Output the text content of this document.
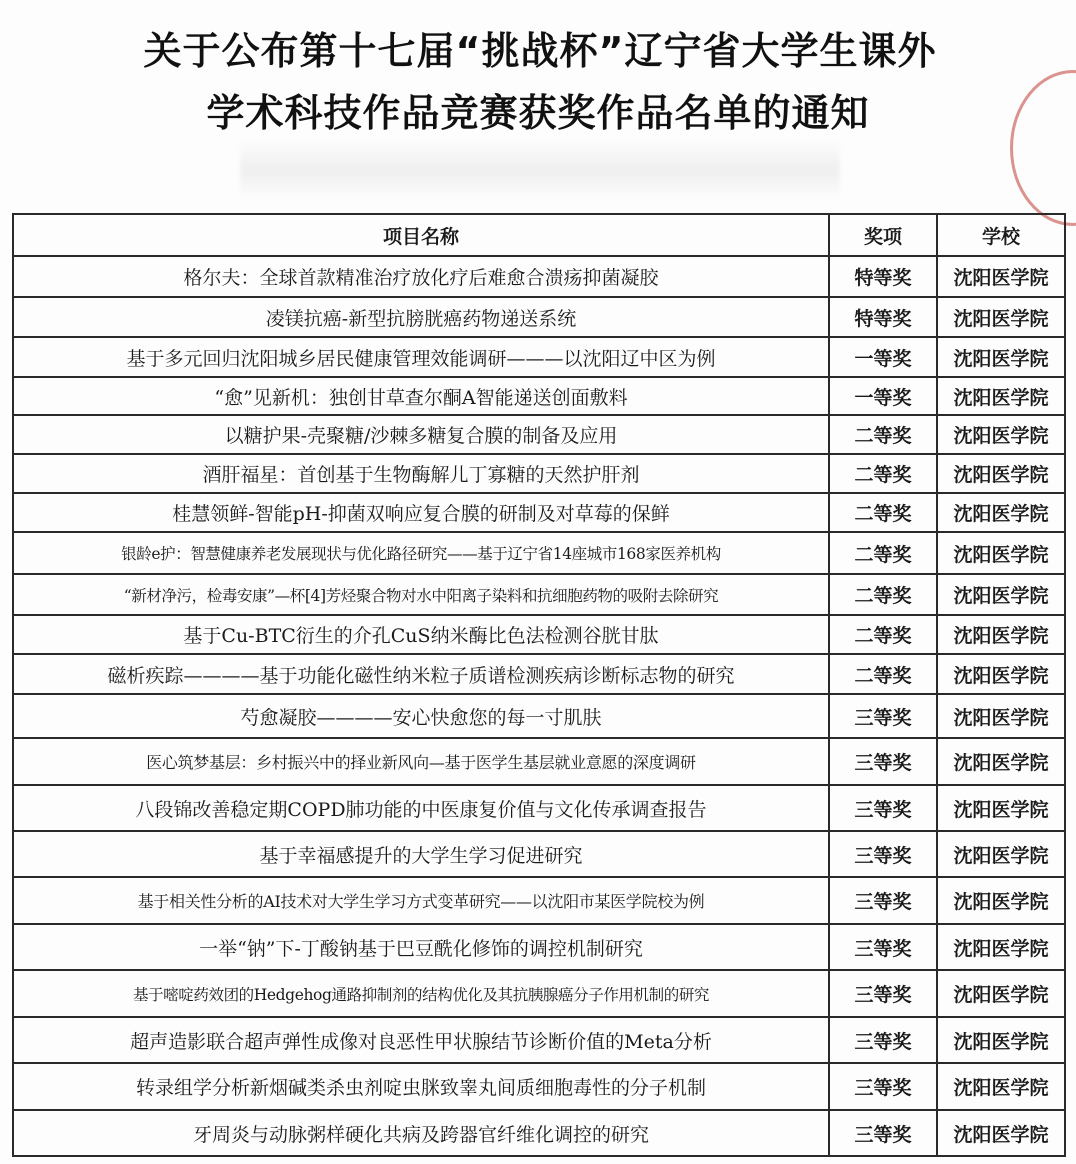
关于公布第十七届“挑战杯”辽宁省大学生课外
学术科技作品竞赛获奖作品名单的通知
项目名称	奖项	学校
格尔夫：全球首款精准治疗放化疗后难愈合溃疡抑菌凝胶	特等奖	沈阳医学院
凌镁抗癌-新型抗膀胱癌药物递送系统	特等奖	沈阳医学院
基于多元回归沈阳城乡居民健康管理效能调研———以沈阳辽中区为例	一等奖	沈阳医学院
“愈”见新机：独创甘草查尔酮A智能递送创面敷料	一等奖	沈阳医学院
以糖护果-壳聚糖/沙棘多糖复合膜的制备及应用	二等奖	沈阳医学院
酒肝福星：首创基于生物酶解儿丁寡糖的天然护肝剂	二等奖	沈阳医学院
桂慧领鲜-智能pH-抑菌双响应复合膜的研制及对草莓的保鲜	二等奖	沈阳医学院
银龄e护：智慧健康养老发展现状与优化路径研究——基于辽宁省14座城市168家医养机构	二等奖	沈阳医学院
“新材净污，检毒安康”—杯[4]芳烃聚合物对水中阳离子染料和抗细胞药物的吸附去除研究	二等奖	沈阳医学院
基于Cu-BTC衍生的介孔CuS纳米酶比色法检测谷胱甘肽	二等奖	沈阳医学院
磁析疾踪————基于功能化磁性纳米粒子质谱检测疾病诊断标志物的研究	二等奖	沈阳医学院
芍愈凝胶————安心快愈您的每一寸肌肤	三等奖	沈阳医学院
医心筑梦基层：乡村振兴中的择业新风向—基于医学生基层就业意愿的深度调研	三等奖	沈阳医学院
八段锦改善稳定期COPD肺功能的中医康复价值与文化传承调查报告	三等奖	沈阳医学院
基于幸福感提升的大学生学习促进研究	三等奖	沈阳医学院
基于相关性分析的AI技术对大学生学习方式变革研究——以沈阳市某医学院校为例	三等奖	沈阳医学院
一举“钠”下-丁酸钠基于巴豆酰化修饰的调控机制研究	三等奖	沈阳医学院
基于嘧啶药效团的Hedgehog通路抑制剂的结构优化及其抗胰腺癌分子作用机制的研究	三等奖	沈阳医学院
超声造影联合超声弹性成像对良恶性甲状腺结节诊断价值的Meta分析	三等奖	沈阳医学院
转录组学分析新烟碱类杀虫剂啶虫脒致睾丸间质细胞毒性的分子机制	三等奖	沈阳医学院
牙周炎与动脉粥样硬化共病及跨器官纤维化调控的研究	三等奖	沈阳医学院
